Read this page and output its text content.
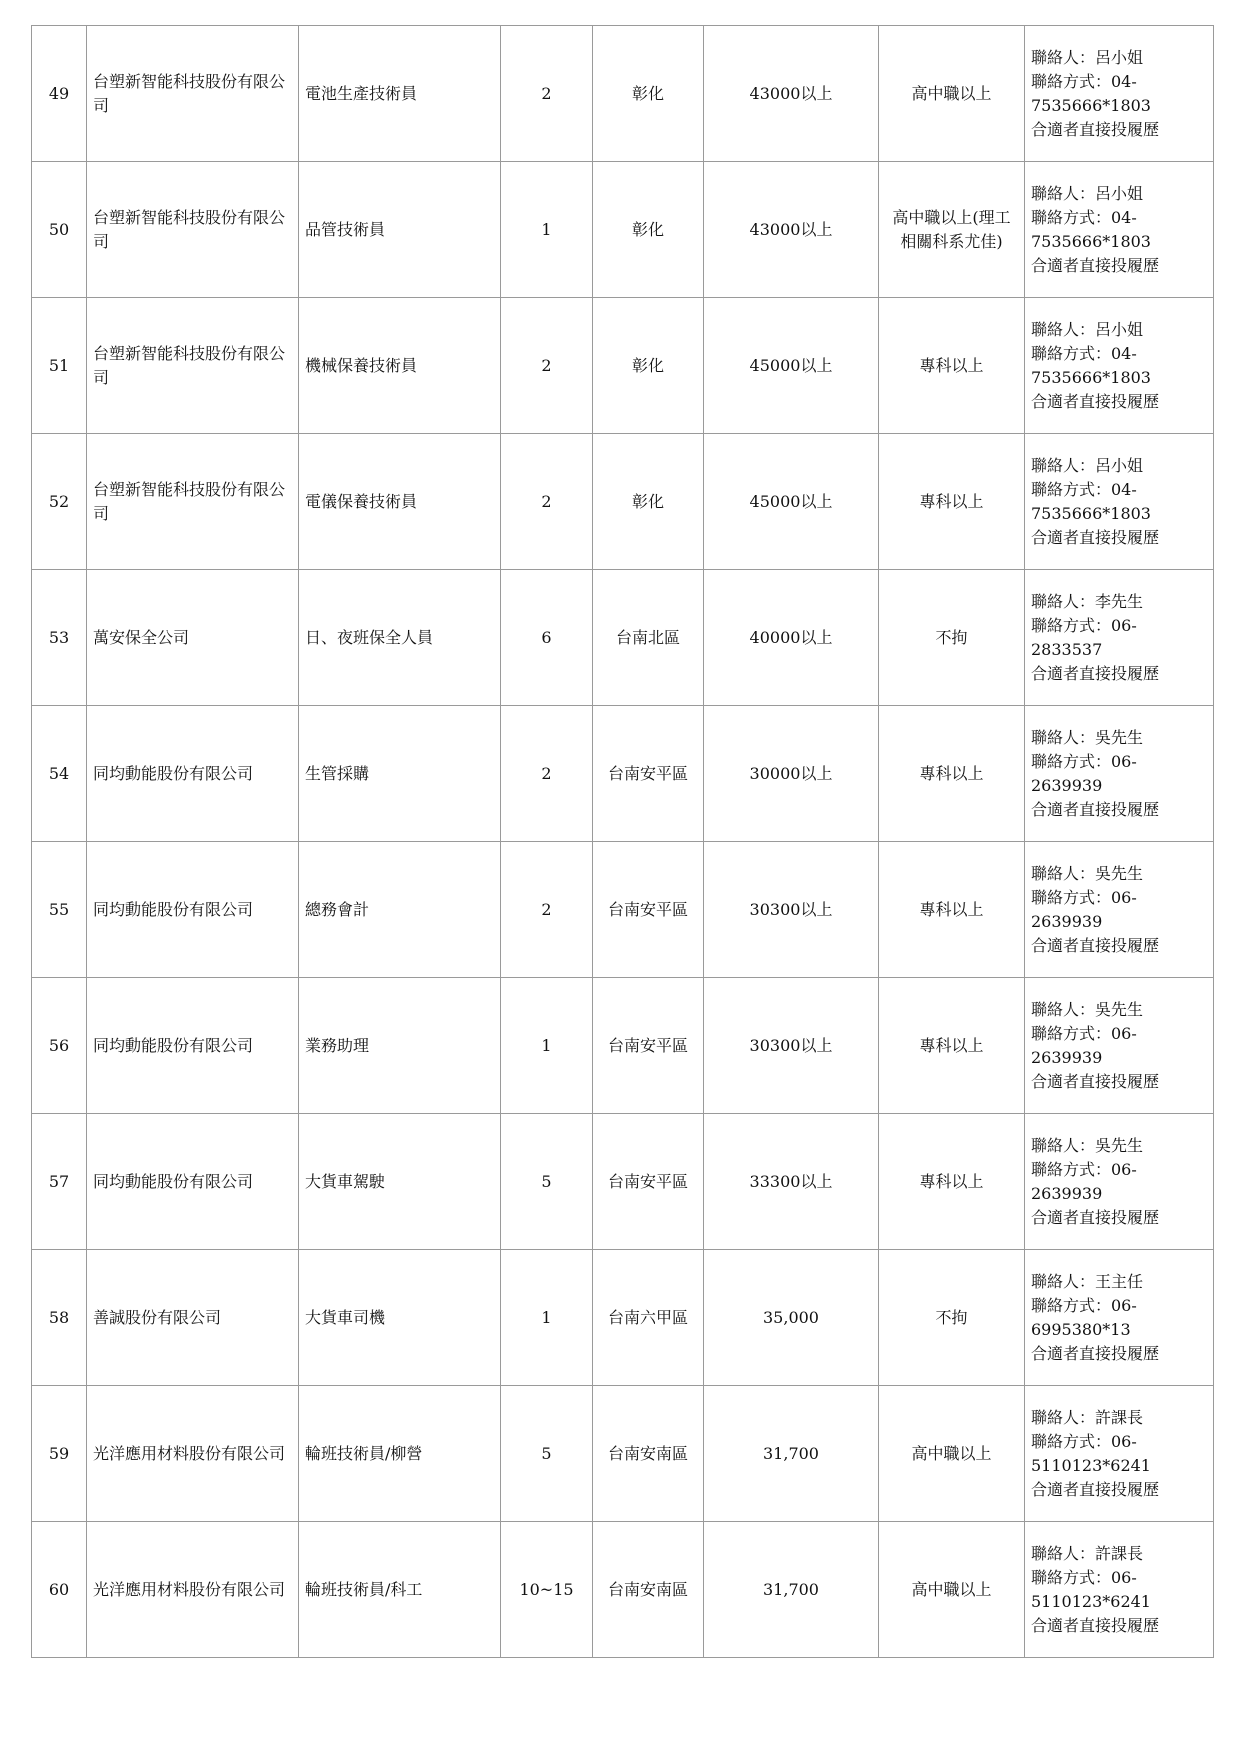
49	台塑新智能科技股份有限公司	電池生產技術員	2	彰化	43000以上	高中職以上	聯絡人：呂小姐
聯絡方式：04-
7535666*1803
合適者直接投履歷

50	台塑新智能科技股份有限公司	品管技術員	1	彰化	43000以上	高中職以上(理工相關科系尤佳)	聯絡人：呂小姐
聯絡方式：04-
7535666*1803
合適者直接投履歷

51	台塑新智能科技股份有限公司	機械保養技術員	2	彰化	45000以上	專科以上	聯絡人：呂小姐
聯絡方式：04-
7535666*1803
合適者直接投履歷

52	台塑新智能科技股份有限公司	電儀保養技術員	2	彰化	45000以上	專科以上	聯絡人：呂小姐
聯絡方式：04-
7535666*1803
合適者直接投履歷

53	萬安保全公司	日、夜班保全人員	6	台南北區	40000以上	不拘	聯絡人：李先生
聯絡方式：06-
2833537
合適者直接投履歷

54	同均動能股份有限公司	生管採購	2	台南安平區	30000以上	專科以上	聯絡人：吳先生
聯絡方式：06-
2639939
合適者直接投履歷

55	同均動能股份有限公司	總務會計	2	台南安平區	30300以上	專科以上	聯絡人：吳先生
聯絡方式：06-
2639939
合適者直接投履歷

56	同均動能股份有限公司	業務助理	1	台南安平區	30300以上	專科以上	聯絡人：吳先生
聯絡方式：06-
2639939
合適者直接投履歷

57	同均動能股份有限公司	大貨車駕駛	5	台南安平區	33300以上	專科以上	聯絡人：吳先生
聯絡方式：06-
2639939
合適者直接投履歷

58	善誠股份有限公司	大貨車司機	1	台南六甲區	35,000	不拘	聯絡人：王主任
聯絡方式：06-
6995380*13
合適者直接投履歷

59	光洋應用材料股份有限公司	輪班技術員/柳營	5	台南安南區	31,700	高中職以上	聯絡人：許課長
聯絡方式：06-
5110123*6241
合適者直接投履歷

60	光洋應用材料股份有限公司	輪班技術員/科工	10~15	台南安南區	31,700	高中職以上	聯絡人：許課長
聯絡方式：06-
5110123*6241
合適者直接投履歷
